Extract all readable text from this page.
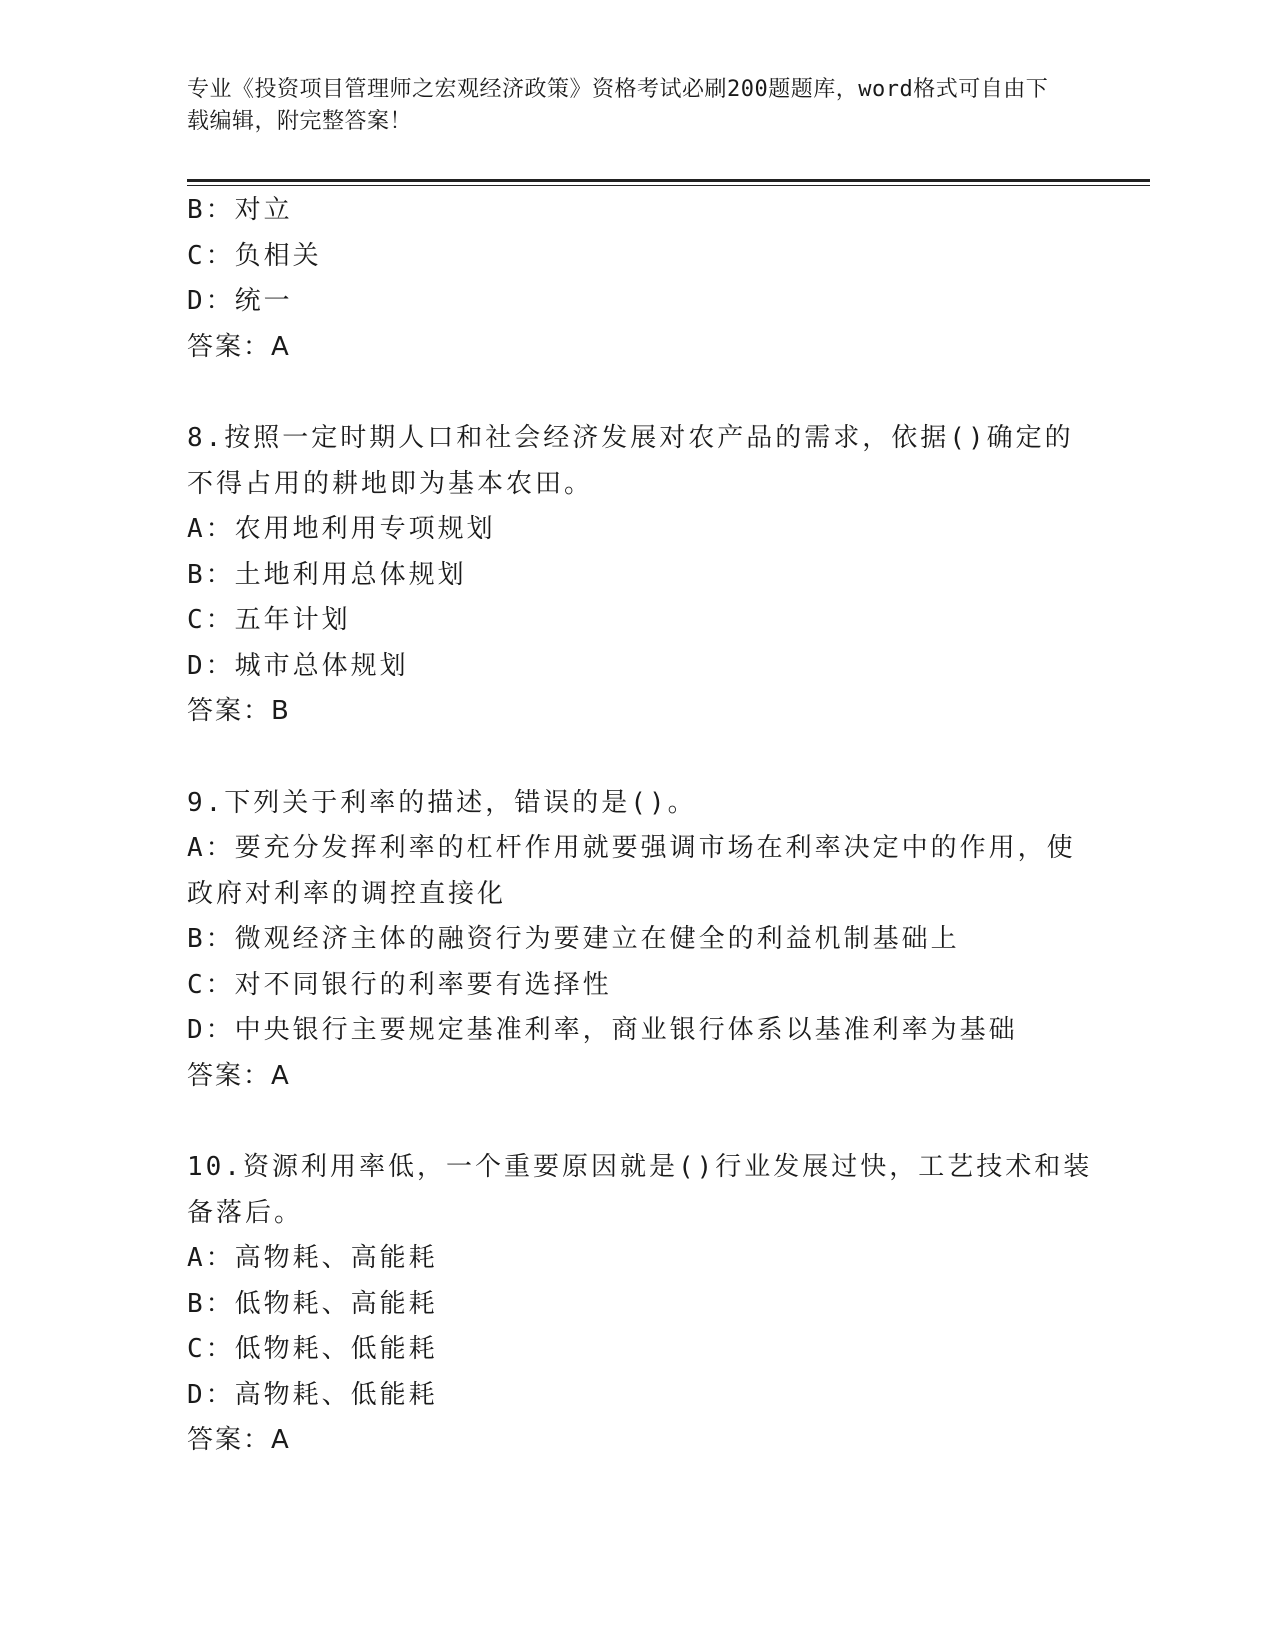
专业《投资项目管理师之宏观经济政策》资格考试必刷200题题库，word格式可自由下载编辑，附完整答案！
B：对立
C：负相关
D：统一
答案：A
8.按照一定时期人口和社会经济发展对农产品的需求，依据()确定的
不得占用的耕地即为基本农田。
A：农用地利用专项规划
B：土地利用总体规划
C：五年计划
D：城市总体规划
答案：B
9.下列关于利率的描述，错误的是()。
A：要充分发挥利率的杠杆作用就要强调市场在利率决定中的作用，使
政府对利率的调控直接化
B：微观经济主体的融资行为要建立在健全的利益机制基础上
C：对不同银行的利率要有选择性
D：中央银行主要规定基准利率，商业银行体系以基准利率为基础
答案：A
10.资源利用率低，一个重要原因就是()行业发展过快，工艺技术和装
备落后。
A：高物耗、高能耗
B：低物耗、高能耗
C：低物耗、低能耗
D：高物耗、低能耗
答案：A
